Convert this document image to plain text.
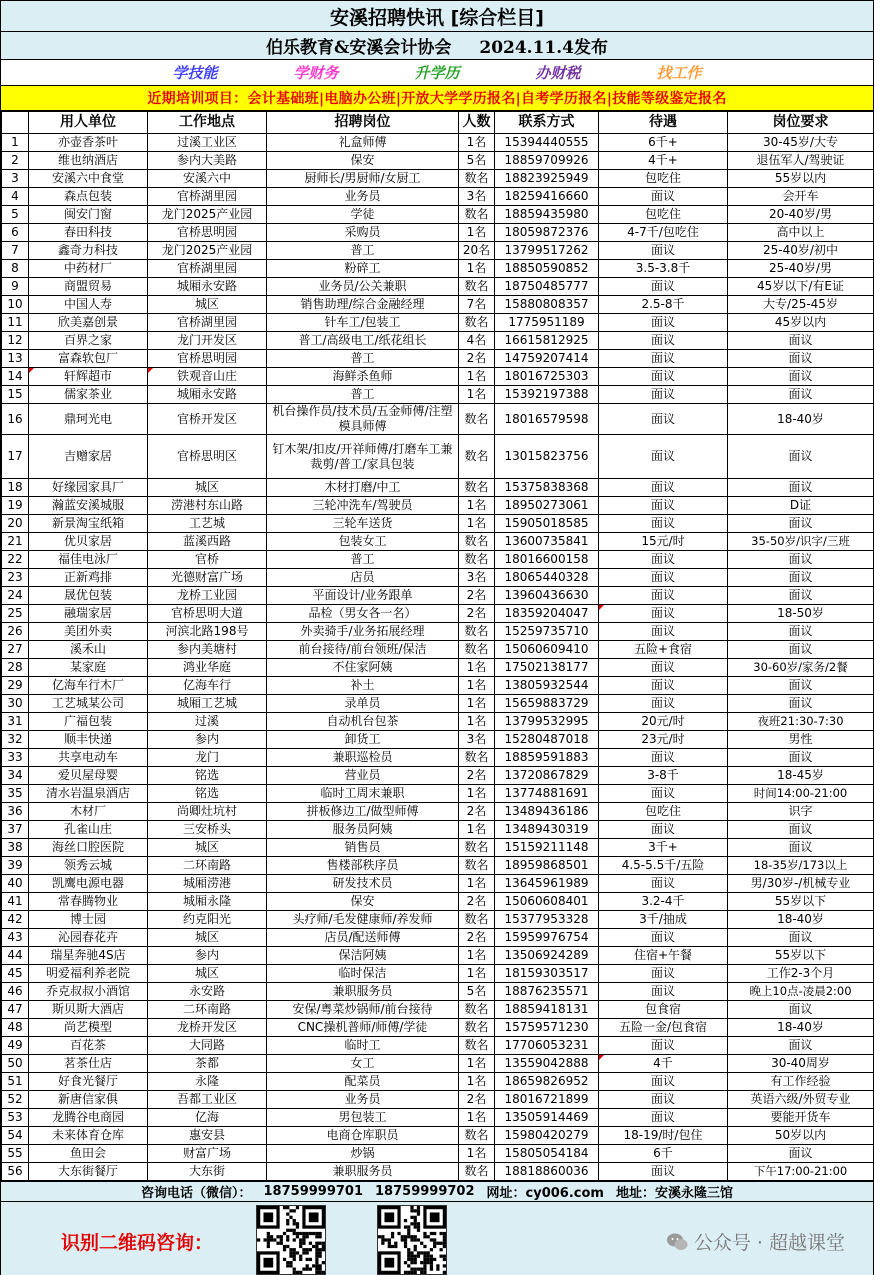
安溪招聘快讯 [综合栏目]
伯乐教育&安溪会计协会 2024.11.4发布
学技能	学财务	升学历	办财税	找工作
近期培训项目：会计基础班|电脑办公班|开放大学学历报名|自考学历报名|技能等级鉴定报名
	用人单位	工作地点	招聘岗位	人数	联系方式	待遇	岗位要求
1	亦壶香茶叶	过溪工业区	礼盒师傅	1名	15394440555	6千+	30-45岁/大专
2	维也纳酒店	参内大美路	保安	5名	18859709926	4千+	退伍军人/驾驶证
3	安溪六中食堂	安溪六中	厨师长/男厨师/女厨工	数名	18823925949	包吃住	55岁以内
4	森点包装	官桥湖里园	业务员	3名	18259416660	面议	会开车
5	闽安门窗	龙门2025产业园	学徒	数名	18859435980	包吃住	20-40岁/男
6	春田科技	官桥思明园	采购员	1名	18059872376	4-7千/包吃住	高中以上
7	鑫奇力科技	龙门2025产业园	普工	20名	13799517262	面议	25-40岁/初中
8	中药材厂	官桥湖里园	粉碎工	1名	18850590852	3.5-3.8千	25-40岁/男
9	商盟贸易	城厢永安路	业务员/公关兼职	数名	18750485777	面议	45岁以下/有E证
10	中国人寿	城区	销售助理/综合金融经理	7名	15880808357	2.5-8千	大专/25-45岁
11	欣美嘉创景	官桥湖里园	针车工/包装工	数名	1775951189	面议	45岁以内
12	百界之家	龙门开发区	普工/高级电工/纸花组长	4名	16615812925	面议	面议
13	富森软包厂	官桥思明园	普工	2名	14759207414	面议	面议
14	轩辉超市	铁观音山庄	海鲜杀鱼师	1名	18016725303	面议	面议
15	儒家茶业	城厢永安路	普工	1名	15392197388	面议	面议
16	鼎珂光电	官桥开发区	机台操作员/技术员/五金师傅/注塑模具师傅	数名	18016579598	面议	18-40岁
17	吉赠家居	官桥思明区	钉木架/扣皮/开祥师傅/打磨车工兼裁剪/普工/家具包装	数名	13015823756	面议	面议
18	好缘园家具厂	城区	木材打磨/中工	数名	15375838368	面议	面议
19	瀚蓝安溪城服	涝港村东山路	三轮冲洗车/驾驶员	1名	18950273061	面议	D证
20	新景淘宝纸箱	工艺城	三轮车送货	1名	15905018585	面议	面议
21	优贝家居	蓝溪西路	包装女工	数名	13600735841	15元/时	35-50岁/识字/三班
22	福佳电泳厂	官桥	普工	数名	18016600158	面议	面议
23	正新鸡排	光德财富广场	店员	3名	18065440328	面议	面议
24	晟优包装	龙桥工业园	平面设计/业务跟单	2名	13960436630	面议	面议
25	融瑞家居	官桥思明大道	品检（男女各一名）	2名	18359204047	面议	18-50岁
26	美团外卖	河滨北路198号	外卖骑手/业务拓展经理	数名	15259735710	面议	面议
27	溪禾山	参内美塘村	前台接待/前台领班/保洁	数名	15060609410	五险+食宿	面议
28	某家庭	鸿业华庭	不住家阿姨	1名	17502138177	面议	30-60岁/家务/2餐
29	亿海车行木厂	亿海车行	补土	1名	13805932544	面议	面议
30	工艺城某公司	城厢工艺城	录单员	1名	15659883729	面议	面议
31	广福包装	过溪	自动机台包茶	1名	13799532995	20元/时	夜班21:30-7:30
32	顺丰快递	参内	卸货工	3名	15280487018	23元/时	男性
33	共享电动车	龙门	兼职巡检员	数名	18859591883	面议	面议
34	爱贝屋母婴	铭选	营业员	2名	13720867829	3-8千	18-45岁
35	清水岩温泉酒店	铭选	临时工周末兼职	1名	13774881691	面议	时间14:00-21:00
36	木材厂	尚卿灶坑村	拼板修边工/做型师傅	2名	13489436186	包吃住	识字
37	孔雀山庄	三安桥头	服务员阿姨	1名	13489430319	面议	面议
38	海丝口腔医院	城区	销售员	数名	15159211148	3千+	面议
39	领秀云城	二环南路	售楼部秩序员	数名	18959868501	4.5-5.5千/五险	18-35岁/173以上
40	凯鹰电源电器	城厢涝港	研发技术员	1名	13645961989	面议	男/30岁-/机械专业
41	常春腾物业	城厢永隆	保安	2名	15060608401	3.2-4千	55岁以下
42	博士园	约克阳光	头疗师/毛发健康师/养发师	数名	15377953328	3千/抽成	18-40岁
43	沁园春花卉	城区	店员/配送师傅	2名	15959976754	面议	面议
44	瑞星奔驰4S店	参内	保洁阿姨	1名	13506924289	住宿+午餐	55岁以下
45	明爱福利养老院	城区	临时保洁	1名	18159303517	面议	工作2-3个月
46	乔克叔叔小酒馆	永安路	兼职服务员	5名	18876235571	面议	晚上10点-凌晨2:00
47	斯贝斯大酒店	二环南路	安保/粤菜炒锅师/前台接待	数名	18859418131	包食宿	面议
48	尚艺模型	龙桥开发区	CNC操机普师/师傅/学徒	数名	15759571230	五险一金/包食宿	18-40岁
49	百花茶	大同路	临时工	数名	17706053231	面议	面议
50	茗茶仕店	茶都	女工	1名	13559042888	4千	30-40周岁
51	好食光餐厅	永隆	配菜员	1名	18659826952	面议	有工作经验
52	新唐信家俱	吾都工业区	业务员	2名	18016721899	面议	英语六级/外贸专业
53	龙腾谷电商园	亿海	男包装工	1名	13505914469	面议	要能开货车
54	未来体育仓库	惠安县	电商仓库职员	数名	15980420279	18-19/时/包住	50岁以内
55	鱼田会	财富广场	炒锅	1名	15805054184	6千	面议
56	大东街餐厅	大东街	兼职服务员	数名	18818860036	面议	下午17:00-21:00
咨询电话（微信）： 18759999701 18759999702 网址：cy006.com 地址：安溪永隆三馆
识别二维码咨询：	公众号 · 超越课堂
